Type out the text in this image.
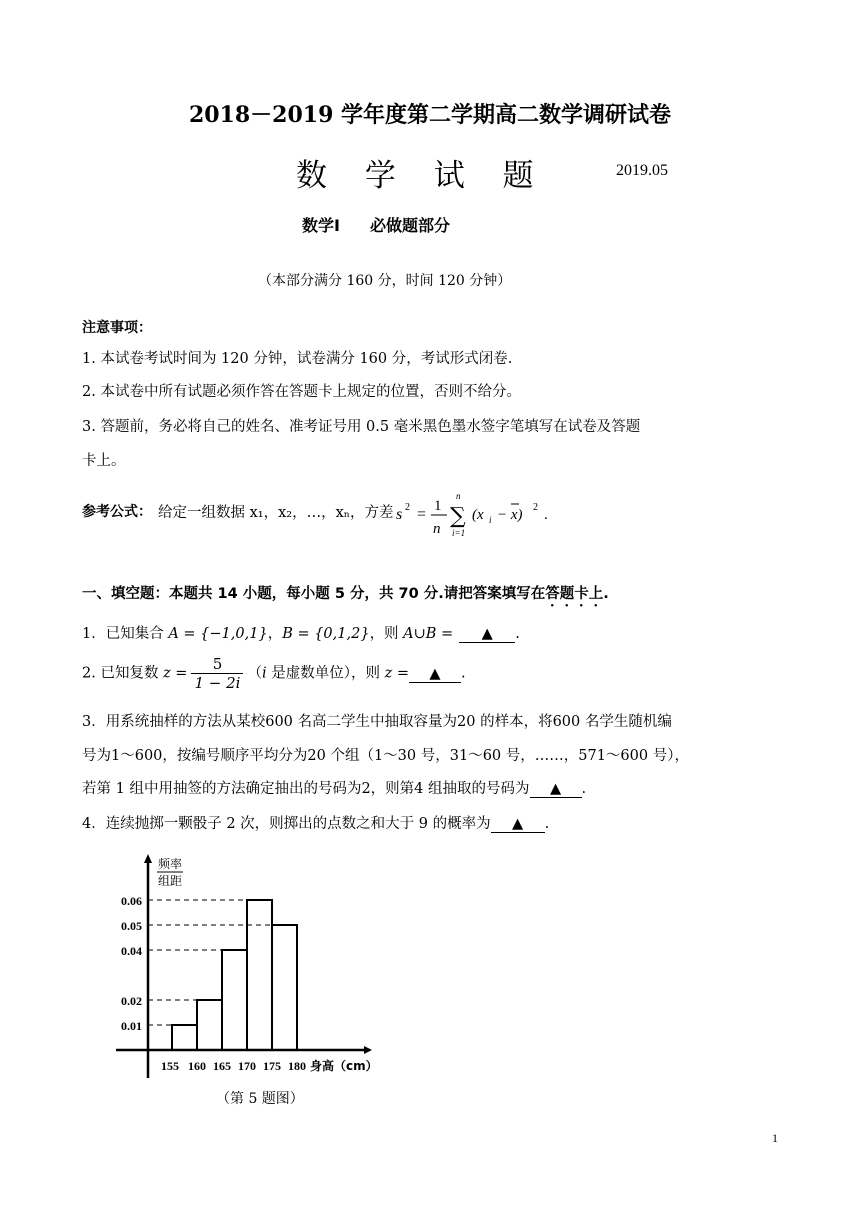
2018－2019 学年度第二学期高二数学调研试卷
数 学 试 题	2019.05
数学Ⅰ 必做题部分
（本部分满分 160 分，时间 120 分钟）
注意事项：
1. 本试卷考试时间为 120 分钟，试卷满分 160 分，考试形式闭卷.
2. 本试卷中所有试题必须作答在答题卡上规定的位置，否则不给分。
3. 答题前，务必将自己的姓名、准考证号用 0.5 毫米黑色墨水签字笔填写在试卷及答题
卡上。
参考公式： 给定一组数据 x₁，x₂，…，xₙ，方差 s 2 = 1
n ∑
n
i=1
(x i − x) 2 .
一、填空题：本题共 14 小题，每小题 5 分，共 70 分.请把答案填写在答题卡上.
1．已知集合 A = {−1,0,1}，B = {0,1,2}，则 A∪B = ▲ .
2. 已知复数 $z = \frac{5}{1 - 2i} (i$ 是虚数单位），则 z = ▲ .
3．用系统抽样的方法从某校600 名高二学生中抽取容量为20 的样本，将600 名学生随机编
号为1～600，按编号顺序平均分为20 个组（1～30 号，31～60 号，……，571～600 号），
若第 1 组中用抽签的方法确定抽出的号码为2，则第4 组抽取的号码为 ▲ .
4．连续抛掷一颗骰子 2 次，则掷出的点数之和大于 9 的概率为 ▲ .
频率
组距
0.01
0.02
0.04
0.05
0.06
155 160 165 170 175 180 身高（cm）
（第 5 题图）
1
